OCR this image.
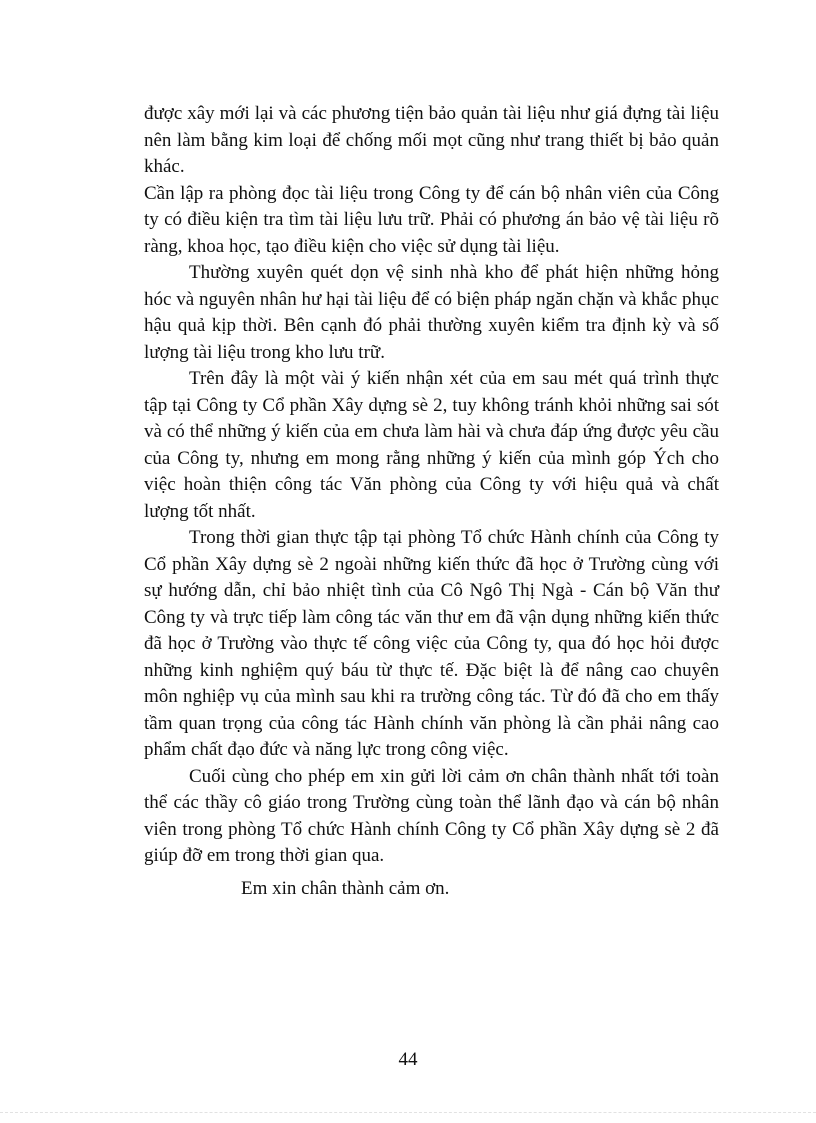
được xây mới lại và các phương tiện bảo quản tài liệu như giá đựng tài liệu nên làm bằng kim loại để chống mối mọt cũng như trang thiết bị bảo quản khác.

Cần lập ra phòng đọc tài liệu trong Công ty để cán bộ nhân viên của Công ty có điều kiện tra tìm tài liệu lưu trữ. Phải có phương án bảo vệ tài liệu rõ ràng, khoa học, tạo điều kiện cho việc sử dụng tài liệu.

Thường xuyên quét dọn vệ sinh nhà kho để phát hiện những hỏng hóc và nguyên nhân hư hại tài liệu để có biện pháp ngăn chặn và khắc phục hậu quả kịp thời. Bên cạnh đó phải thường xuyên kiểm tra định kỳ và số lượng tài liệu trong kho lưu trữ.

Trên đây là một vài ý kiến nhận xét của em sau mét quá trình thực tập tại Công ty Cổ phần Xây dựng sè 2, tuy không tránh khỏi những sai sót và có thể những ý kiến của em chưa làm hài và chưa đáp ứng được yêu cầu của Công ty, nhưng em mong rằng những ý kiến của mình góp Ých cho việc hoàn thiện công tác Văn phòng của Công ty với hiệu quả và chất lượng tốt nhất.

Trong thời gian thực tập tại phòng Tổ chức Hành chính của Công ty Cổ phần Xây dựng sè 2 ngoài những kiến thức đã học ở Trường cùng với sự hướng dẫn, chỉ bảo nhiệt tình của Cô Ngô Thị Ngà - Cán bộ Văn thư Công ty và trực tiếp làm công tác văn thư em đã vận dụng những kiến thức đã học ở Trường vào thực tế công việc của Công ty, qua đó học hỏi được những kinh nghiệm quý báu từ thực tế. Đặc biệt là để nâng cao chuyên môn nghiệp vụ của mình sau khi ra trường công tác. Từ đó đã cho em thấy tầm quan trọng của công tác Hành chính văn phòng là cần phải nâng cao phẩm chất đạo đức và năng lực trong công việc.

Cuối cùng cho phép em xin gửi lời cảm ơn chân thành nhất tới toàn thể các thầy cô giáo trong Trường cùng toàn thể lãnh đạo và cán bộ nhân viên trong phòng Tổ chức Hành chính Công ty Cổ phần Xây dựng sè 2 đã giúp đỡ em trong thời gian qua.

Em xin chân thành cảm ơn.

44
